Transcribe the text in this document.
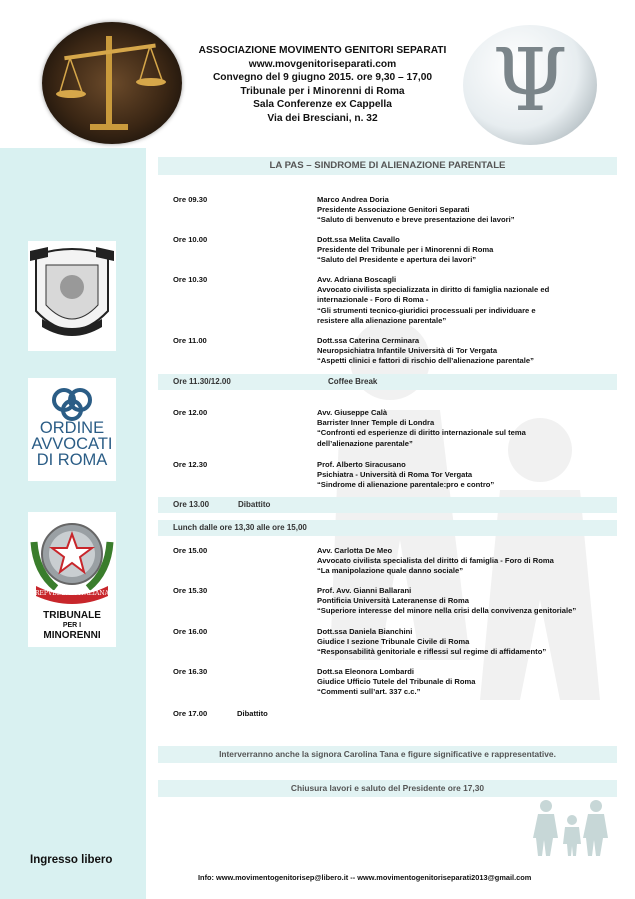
ASSOCIAZIONE MOVIMENTO GENITORI SEPARATI
www.movgenitoriseparati.com
Convegno del 9 giugno 2015. ore 9,30 – 17,00
Tribunale per i Minorenni di Roma
Sala Conferenze ex Cappella
Via dei Bresciani, n. 32	Ψ
LA PAS – SINDROME DI ALIENAZIONE PARENTALE
Ore 09.30	Marco Andrea Doria
Presidente Associazione Genitori Separati
“Saluto di benvenuto e breve presentazione dei lavori”
Ore 10.00	Dott.ssa Melita Cavallo
Presidente del Tribunale per i Minorenni di Roma
“Saluto del Presidente e apertura dei lavori”
Ore 10.30	Avv. Adriana Boscagli
Avvocato civilista specializzata in diritto di famiglia nazionale ed
internazionale - Foro di Roma -
“Gli strumenti tecnico-giuridici processuali per individuare e
resistere alla alienazione parentale”
Ore 11.00	Dott.ssa Caterina Cerminara
Neuropsichiatra Infantile Università di Tor Vergata
“Aspetti clinici e fattori di rischio dell’alienazione parentale”
Ore 11.30/12.00	Coffee Break
Ore 12.00	Avv. Giuseppe Calà
Barrister Inner Temple di Londra
“Confronti ed esperienze di diritto internazionale sul tema
dell’alienazione parentale”
Ore 12.30	Prof. Alberto Siracusano
Psichiatra - Università di Roma Tor Vergata
“Sindrome di alienazione parentale:pro e contro”
Ore 13.00	Dibattito
Lunch dalle ore 13,30 alle ore 15,00
Ore 15.00	Avv. Carlotta De Meo
Avvocato civilista specialista del diritto di famiglia - Foro di Roma
“La manipolazione quale danno sociale”
Ore 15.30	Prof. Avv. Gianni Ballarani
Pontificia Università Lateranense di Roma
“Superiore interesse del minore nella crisi della convivenza genitoriale”
Ore 16.00	Dott.ssa Daniela Bianchini
Giudice I sezione Tribunale Civile di Roma
“Responsabilità genitoriale e riflessi sul regime di affidamento”
Ore 16.30	Dott.sa Eleonora Lombardi
Giudice Ufficio Tutele del Tribunale di Roma
“Commenti sull’art. 337 c.c.”
Ore 17.00	Dibattito
Interverranno anche la signora Carolina Tana e figure significative e rappresentative.
Chiusura lavori e saluto del Presidente ore 17,30
Giustizia Etica
ORDINE
AVVOCATI
DI ROMA
REPVBBLICA ITALIANA
TRIBUNALE
PER I
MINORENNI
Ingresso libero
Info: www.movimentogenitorisep@libero.it -- www.movimentogenitoriseparati2013@gmail.com
